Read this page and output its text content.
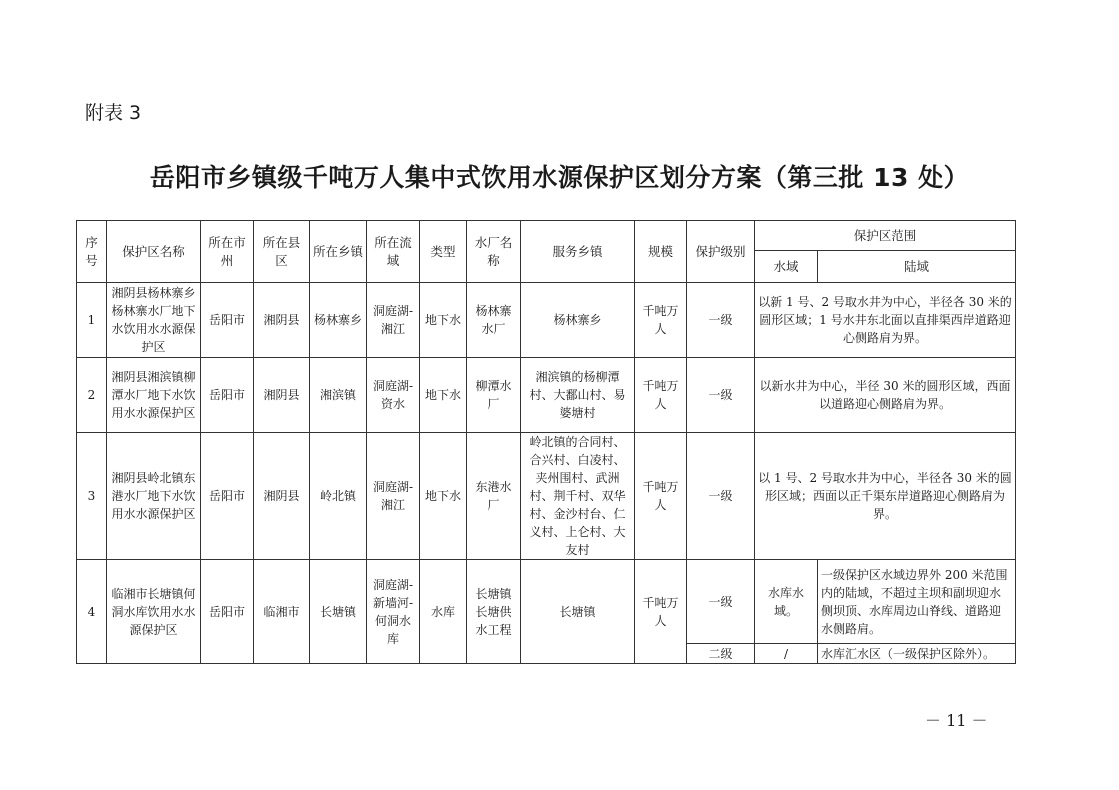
附表 3
岳阳市乡镇级千吨万人集中式饮用水源保护区划分方案（第三批 13 处）
序号	保护区名称	所在市州	所在县区	所在乡镇	所在流域	类型	水厂名称	服务乡镇	规模	保护级别	保护区范围	
											水域	陆域
1	湘阴县杨林寨乡杨林寨水厂地下水饮用水水源保护区	岳阳市	湘阴县	杨林寨乡	洞庭湖-湘江	地下水	杨林寨水厂	杨林寨乡	千吨万人	一级	以新 1 号、2 号取水井为中心，半径各 30 米的圆形区域；1 号水井东北面以直排渠西岸道路迎心侧路肩为界。	
2	湘阴县湘滨镇柳潭水厂地下水饮用水水源保护区	岳阳市	湘阴县	湘滨镇	洞庭湖-资水	地下水	柳潭水厂	湘滨镇的杨柳潭村、大鄱山村、易婆塘村	千吨万人	一级	以新水井为中心，半径 30 米的圆形区域，西面以道路迎心侧路肩为界。	
3	湘阴县岭北镇东港水厂地下水饮用水水源保护区	岳阳市	湘阴县	岭北镇	洞庭湖-湘江	地下水	东港水厂	岭北镇的合同村、合兴村、白凌村、夹州围村、武洲村、荆千村、双华村、金沙村台、仁义村、上仑村、大友村	千吨万人	一级	以 1 号、2 号取水井为中心，半径各 30 米的圆形区域；西面以正千渠东岸道路迎心侧路肩为界。	
4	临湘市长塘镇何洞水库饮用水水源保护区	岳阳市	临湘市	长塘镇	洞庭湖-新墙河-何洞水库	水库	长塘镇长塘供水工程	长塘镇	千吨万人	一级	水库水域。	一级保护区水域边界外 200 米范围内的陆域，不超过主坝和副坝迎水侧坝顶、水库周边山脊线、道路迎水侧路肩。
										二级	/	水库汇水区（一级保护区除外）。
－ 11 －
